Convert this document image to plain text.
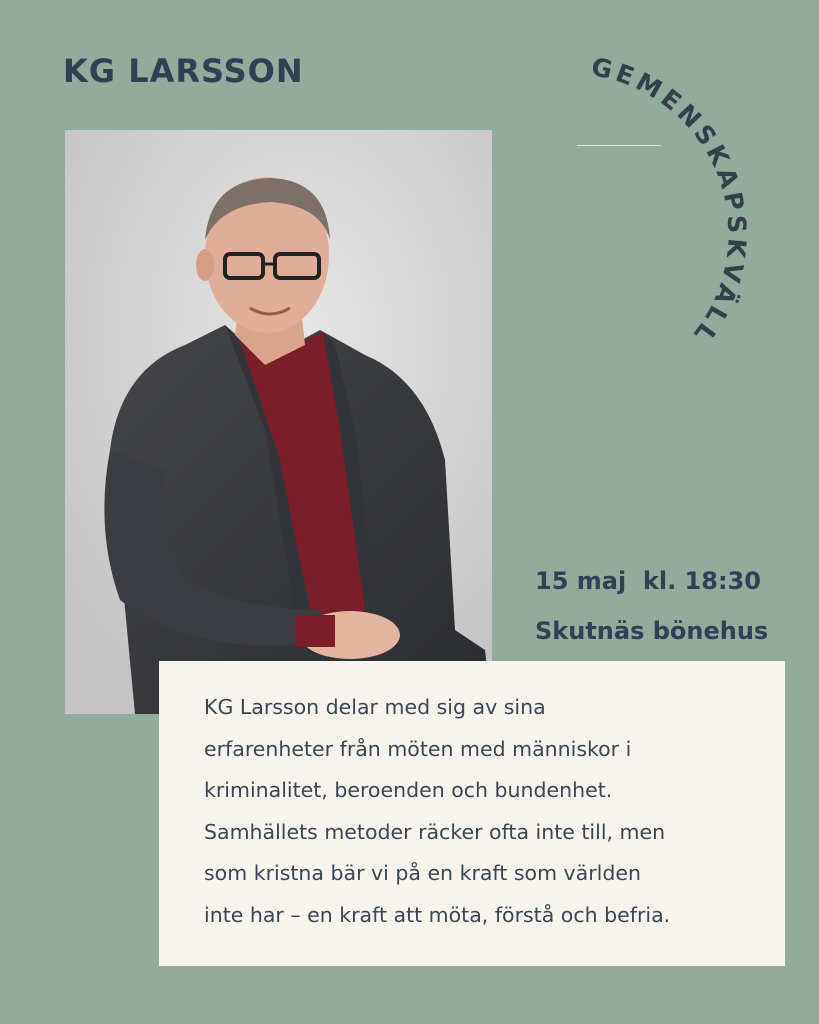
KG LARSSON	GEMENSKAPSKVÄLL
15 maj  kl. 18:30
Skutnäs bönehus
KG Larsson delar med sig av sina
erfarenheter från möten med människor i
kriminalitet, beroenden och bundenhet.
Samhällets metoder räcker ofta inte till, men
som kristna bär vi på en kraft som världen
inte har – en kraft att möta, förstå och befria.
